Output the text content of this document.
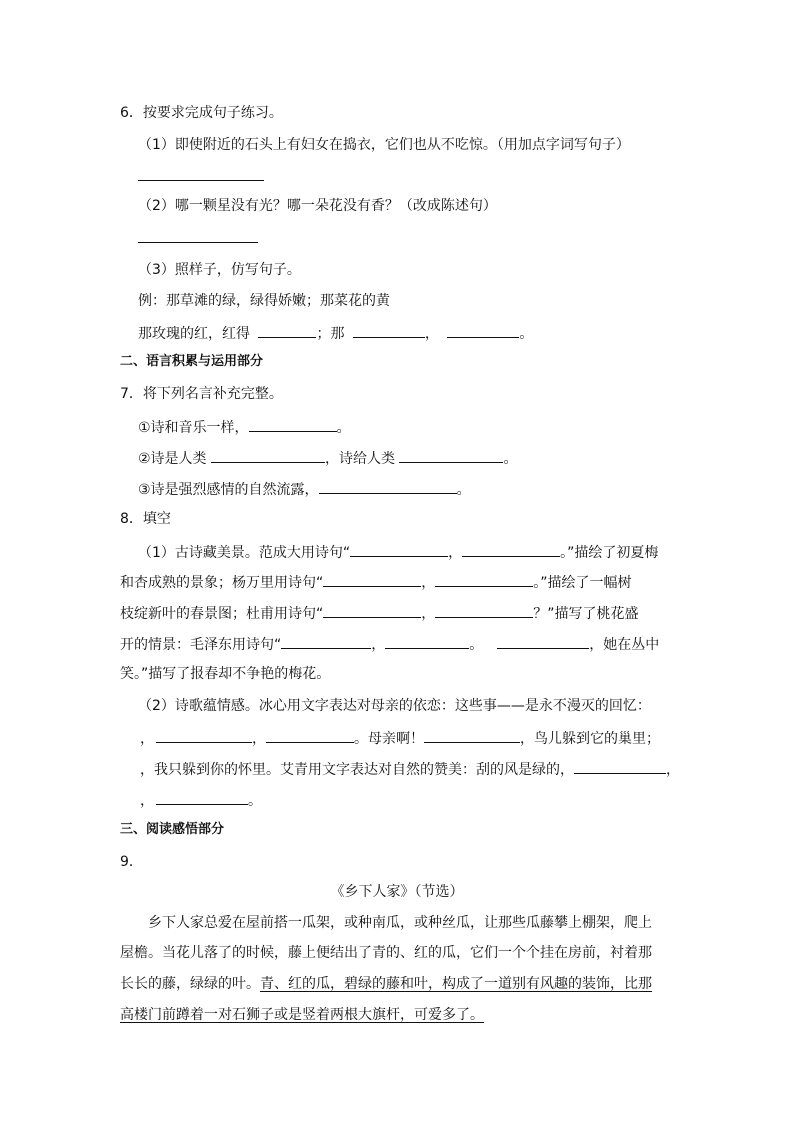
6．按要求完成句子练习。
（1）即使附近的石头上有妇女在捣衣，它们也从不吃惊。（用加点字词写句子）
（2）哪一颗星没有光？哪一朵花没有香？（改成陈述句）
（3）照样子，仿写句子。
例：那草滩的绿，绿得娇嫩；那菜花的黄
那玫瑰的红，红得	；那	，	。
二、语言积累与运用部分
7．将下列名言补充完整。
①诗和音乐一样，	。
②诗是人类	，诗给人类	。
③诗是强烈感情的自然流露，	。
8．填空
（1）古诗藏美景。范成大用诗句“	，	。”描绘了初夏梅
和杏成熟的景象；杨万里用诗句“	，	。”描绘了一幅树
枝绽新叶的春景图；杜甫用诗句“	，	？”描写了桃花盛
开的情景：毛泽东用诗句“	，	。	，她在丛中
笑。”描写了报春却不争艳的梅花。
（2）诗歌蕴情感。冰心用文字表达对母亲的依恋：这些事——是永不漫灭的回忆：
，	，	。母亲啊！	，鸟儿躲到它的巢里；
，我只躲到你的怀里。艾青用文字表达对自然的赞美：刮的风是绿的，	，
，	。
三、阅读感悟部分
9．
《乡下人家》（节选）
乡下人家总爱在屋前搭一瓜架，或种南瓜，或种丝瓜，让那些瓜藤攀上棚架，爬上
屋檐。当花儿落了的时候，藤上便结出了青的、红的瓜，它们一个个挂在房前，衬着那
长长的藤，绿绿的叶。青、红的瓜，碧绿的藤和叶，构成了一道别有风趣的装饰，比那
高楼门前蹲着一对石狮子或是竖着两根大旗杆，可爱多了。
